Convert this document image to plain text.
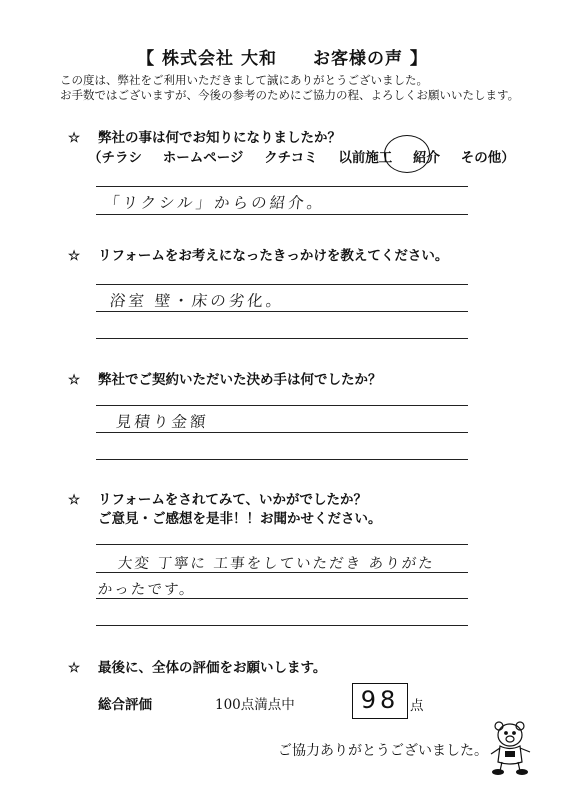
【 株式会社 大和　　お客様の声 】
この度は、弊社をご利用いただきまして誠にありがとうございました。
お手数ではございますが、今後の参考のためにご協力の程、よろしくお願いいたします。
☆ 弊社の事は何でお知りになりましたか？
（チラシ ホームページ クチコミ 以前施工 紹介 その他）
「リクシル」からの紹介。
☆ リフォームをお考えになったきっかけを教えてください。
浴室 壁・床の劣化。
☆ 弊社でご契約いただいた決め手は何でしたか？
見積り金額
☆ リフォームをされてみて、いかがでしたか？
ご意見・ご感想を是非！！お聞かせください。
大変 丁寧に 工事をしていただき ありがた
かったです。
☆ 最後に、全体の評価をお願いします。
総合評価	100点満点中	98 点
ご協力ありがとうございました。
